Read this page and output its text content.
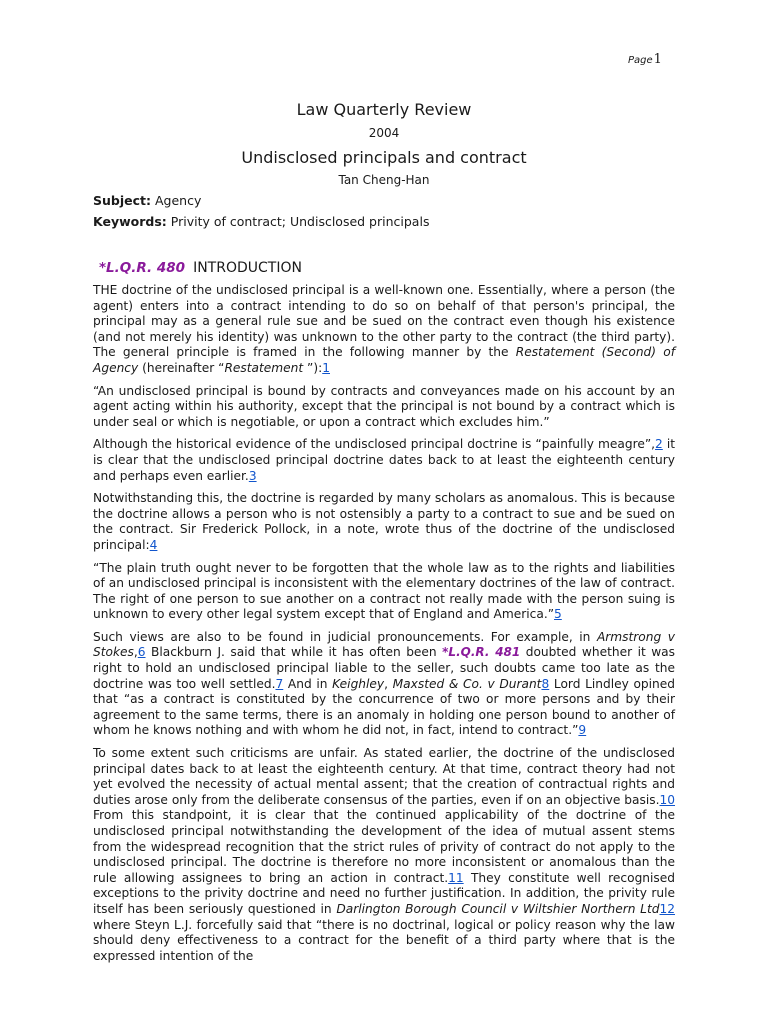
Page1
Law Quarterly Review
2004
Undisclosed principals and contract
Tan Cheng-Han
Subject: Agency
Keywords: Privity of contract; Undisclosed principals
*L.Q.R. 480 INTRODUCTION

THE doctrine of the undisclosed principal is a well-known one. Essentially, where a person (the agent) enters into a contract intending to do so on behalf of that person's principal, the principal may as a general rule sue and be sued on the contract even though his existence (and not merely his identity) was unknown to the other party to the contract (the third party). The general principle is framed in the following manner by the Restatement (Second) of Agency (hereinafter “Restatement ”):1

“An undisclosed principal is bound by contracts and conveyances made on his account by an agent acting within his authority, except that the principal is not bound by a contract which is under seal or which is negotiable, or upon a contract which excludes him.”

Although the historical evidence of the undisclosed principal doctrine is “painfully meagre”,2 it is clear that the undisclosed principal doctrine dates back to at least the eighteenth century and perhaps even earlier.3

Notwithstanding this, the doctrine is regarded by many scholars as anomalous. This is because the doctrine allows a person who is not ostensibly a party to a contract to sue and be sued on the contract. Sir Frederick Pollock, in a note, wrote thus of the doctrine of the undisclosed principal:4

“The plain truth ought never to be forgotten that the whole law as to the rights and liabilities of an undisclosed principal is inconsistent with the elementary doctrines of the law of contract. The right of one person to sue another on a contract not really made with the person suing is unknown to every other legal system except that of England and America.”5

Such views are also to be found in judicial pronouncements. For example, in Armstrong v Stokes,6 Blackburn J. said that while it has often been *L.Q.R. 481 doubted whether it was right to hold an undisclosed principal liable to the seller, such doubts came too late as the doctrine was too well settled.7 And in Keighley, Maxsted & Co. v Durant8 Lord Lindley opined that “as a contract is constituted by the concurrence of two or more persons and by their agreement to the same terms, there is an anomaly in holding one person bound to another of whom he knows nothing and with whom he did not, in fact, intend to contract.”9

To some extent such criticisms are unfair. As stated earlier, the doctrine of the undisclosed principal dates back to at least the eighteenth century. At that time, contract theory had not yet evolved the necessity of actual mental assent; that the creation of contractual rights and duties arose only from the deliberate consensus of the parties, even if on an objective basis.10 From this standpoint, it is clear that the continued applicability of the doctrine of the undisclosed principal notwithstanding the development of the idea of mutual assent stems from the widespread recognition that the strict rules of privity of contract do not apply to the undisclosed principal. The doctrine is therefore no more inconsistent or anomalous than the rule allowing assignees to bring an action in contract.11 They constitute well recognised exceptions to the privity doctrine and need no further justification. In addition, the privity rule itself has been seriously questioned in Darlington Borough Council v Wiltshier Northern Ltd12 where Steyn L.J. forcefully said that “there is no doctrinal, logical or policy reason why the law should deny effectiveness to a contract for the benefit of a third party where that is the expressed intention of the
